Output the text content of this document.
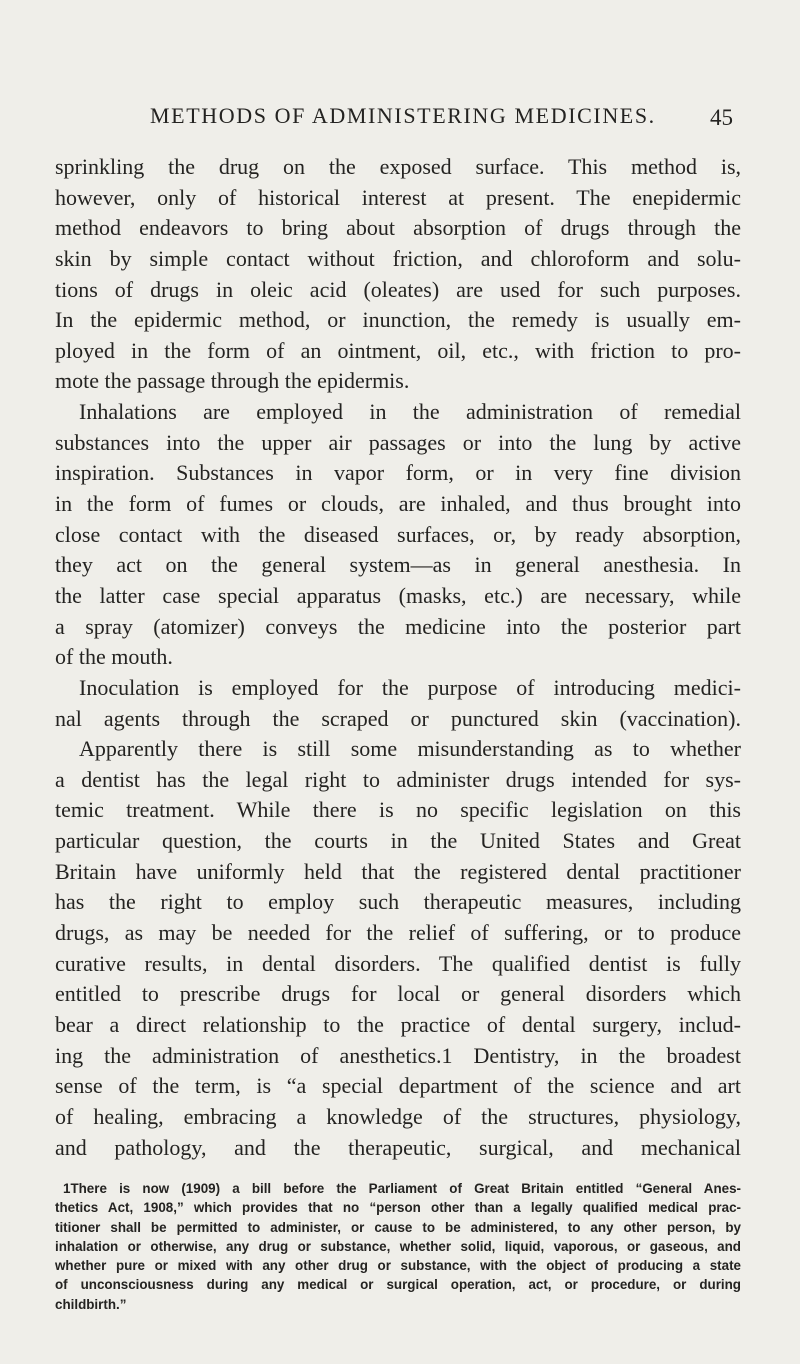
METHODS OF ADMINISTERING MEDICINES. 45
sprinkling the drug on the exposed surface. This method is,
however, only of historical interest at present. The enepidermic
method endeavors to bring about absorption of drugs through the
skin by simple contact without friction, and chloroform and solu-
tions of drugs in oleic acid (oleates) are used for such purposes.
In the epidermic method, or inunction, the remedy is usually em-
ployed in the form of an ointment, oil, etc., with friction to pro-
mote the passage through the epidermis.
Inhalations are employed in the administration of remedial
substances into the upper air passages or into the lung by active
inspiration. Substances in vapor form, or in very fine division
in the form of fumes or clouds, are inhaled, and thus brought into
close contact with the diseased surfaces, or, by ready absorption,
they act on the general system—as in general anesthesia. In
the latter case special apparatus (masks, etc.) are necessary, while
a spray (atomizer) conveys the medicine into the posterior part
of the mouth.
Inoculation is employed for the purpose of introducing medici-
nal agents through the scraped or punctured skin (vaccination).
Apparently there is still some misunderstanding as to whether
a dentist has the legal right to administer drugs intended for sys-
temic treatment. While there is no specific legislation on this
particular question, the courts in the United States and Great
Britain have uniformly held that the registered dental practitioner
has the right to employ such therapeutic measures, including
drugs, as may be needed for the relief of suffering, or to produce
curative results, in dental disorders. The qualified dentist is fully
entitled to prescribe drugs for local or general disorders which
bear a direct relationship to the practice of dental surgery, includ-
ing the administration of anesthetics.1 Dentistry, in the broadest
sense of the term, is “a special department of the science and art
of healing, embracing a knowledge of the structures, physiology,
and pathology, and the therapeutic, surgical, and mechanical
1There is now (1909) a bill before the Parliament of Great Britain entitled “General Anes-
thetics Act, 1908,” which provides that no “person other than a legally qualified medical prac-
titioner shall be permitted to administer, or cause to be administered, to any other person, by
inhalation or otherwise, any drug or substance, whether solid, liquid, vaporous, or gaseous, and
whether pure or mixed with any other drug or substance, with the object of producing a state
of unconsciousness during any medical or surgical operation, act, or procedure, or during
childbirth.”
